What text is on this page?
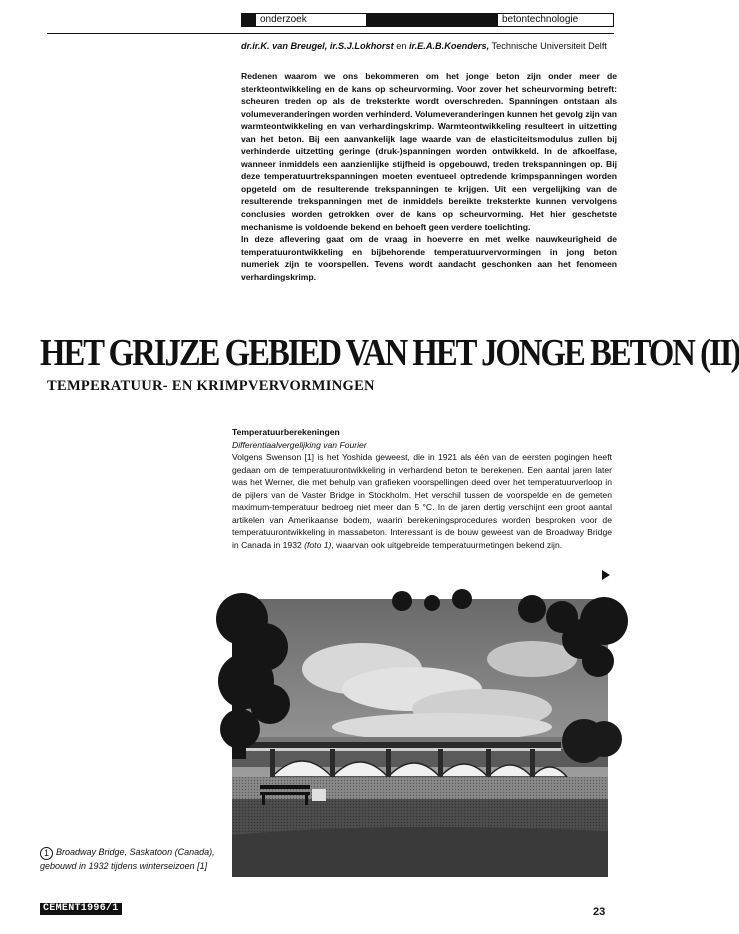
onderzoek	betontechnologie
dr.ir.K. van Breugel, ir.S.J.Lokhorst en ir.E.A.B.Koenders, Technische Universiteit Delft

Redenen waarom we ons bekommeren om het jonge beton zijn onder meer de sterkteontwikkeling en de kans op scheurvorming. Voor zover het scheurvorming betreft: scheuren treden op als de treksterkte wordt overschreden. Spanningen ontstaan als volumeveranderingen worden verhinderd. Volumeveranderingen kunnen het gevolg zijn van warmteontwikkeling en van verhardingskrimp. Warmteontwikkeling resulteert in uitzetting van het beton. Bij een aanvankelijk lage waarde van de elasticiteitsmodulus zullen bij verhinderde uitzetting geringe (druk-)spanningen worden ontwikkeld. In de afkoelfase, wanneer inmiddels een aanzienlijke stijfheid is opgebouwd, treden trekspanningen op. Bij deze temperatuurtrekspanningen moeten eventueel optredende krimpspanningen worden opgeteld om de resulterende trekspanningen te krijgen. Uit een vergelijking van de resulterende trekspanningen met de inmiddels bereikte treksterkte kunnen vervolgens conclusies worden getrokken over de kans op scheurvorming. Het hier geschetste mechanisme is voldoende bekend en behoeft geen verdere toelichting.

In deze aflevering gaat om de vraag in hoeverre en met welke nauwkeurigheid de temperatuurontwikkeling en bijbehorende temperatuurvervormingen in jong beton numeriek zijn te voorspellen. Tevens wordt aandacht geschonken aan het fenomeen verhardingskrimp.

HET GRIJZE GEBIED VAN HET JONGE BETON (II)
TEMPERATUUR- EN KRIMPVERVORMINGEN
Temperatuurberekeningen
Differentiaalvergelijking van Fourier
Volgens Swenson [1] is het Yoshida geweest, die in 1921 als één van de eersten pogingen heeft gedaan om de temperatuurontwikkeling in verhardend beton te berekenen. Een aantal jaren later was het Werner, die met behulp van grafieken voorspellingen deed over het temperatuurverloop in de pijlers van de Vaster Bridge in Stockholm. Het verschil tussen de voorspelde en de gemeten maximum-temperatuur bedroeg niet meer dan 5 °C. In de jaren dertig verschijnt een groot aantal artikelen van Amerikaanse bodem, waarin berekeningsprocedures worden besproken voor de temperatuurontwikkeling in massabeton. Interessant is de bouw geweest van de Broadway Bridge in Canada in 1932 (foto 1), waarvan ook uitgebreide temperatuurmetingen bekend zijn.
1 Broadway Bridge, Saskatoon (Canada), gebouwd in 1932 tijdens winterseizoen [1]
CEMENT1996/1	23
